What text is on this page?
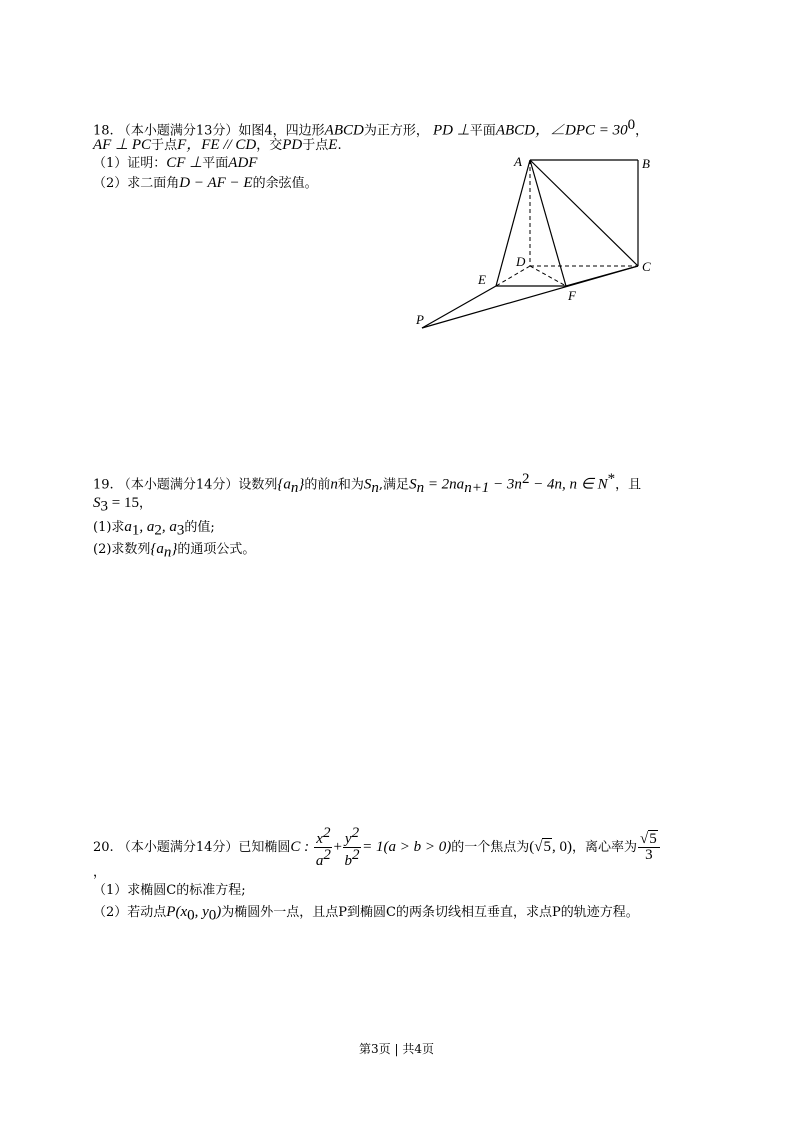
18. （本小题满分13分）如图4，四边形ABCD为正方形， PD ⊥平面ABCD，∠DPC = $30^0$，
AF ⊥ PC于点F，FE // CD，交PD于点E.
（1）证明：CF ⊥平面ADF
（2）求二面角D − AF − E的余弦值。
A	B
C
D
E
F
P
19. （本小题满分14分）设数列$\{a_n\}$的前n和为$S_n$,满足$S_n = 2na_{n+1} - 3n^2 - 4n$, n ∈ N*，且
$S_3 = 15$，
(1)求$a_1$, $a_2$, $a_3$的值;
(2)求数列$\{a_n\}$的通项公式。
20. （本小题满分14分）已知椭圆C : $\frac{x^2}{a^2} + \frac{y^2}{b^2} = 1(a > b > 0)$的一个焦点为(√5, 0)，离心率为 $\frac{√5}{3}$
，
（1）求椭圆C的标准方程;
（2）若动点$P(x_0$, $y_0$)为椭圆外一点，且点P到椭圆C的两条切线相互垂直，求点P的轨迹方程。
第3页 | 共4页
